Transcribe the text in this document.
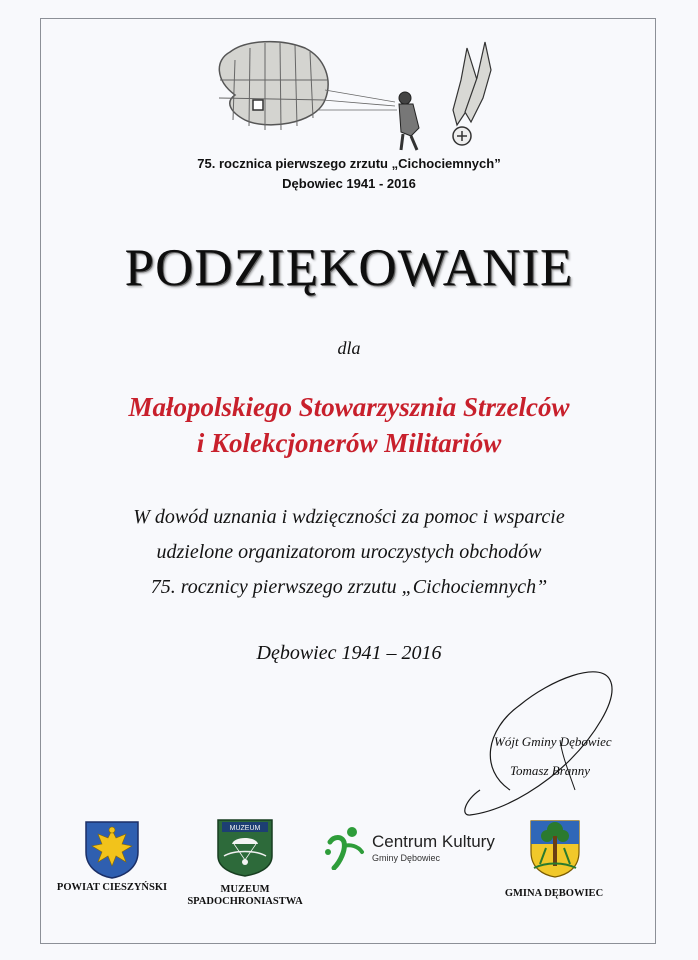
75. rocznica pierwszego zrzutu „Cichociemnych”
Dębowiec 1941 - 2016
PODZIĘKOWANIE
dla
Małopolskiego Stowarzysznia Strzelców
i Kolekcjonerów Militariów
W dowód uznania i wdzięczności za pomoc i wsparcie
udzielone organizatorom uroczystych obchodów
75. rocznicy pierwszego zrzutu „Cichociemnych”
Dębowiec 1941 – 2016
Wójt Gminy Dębowiec
Tomasz Branny
POWIAT CIESZYŃSKI
MUZEUM
MUZEUM
SPADOCHRONIASTWA
Centrum Kultury
Gminy Dębowiec
GMINA DĘBOWIEC
